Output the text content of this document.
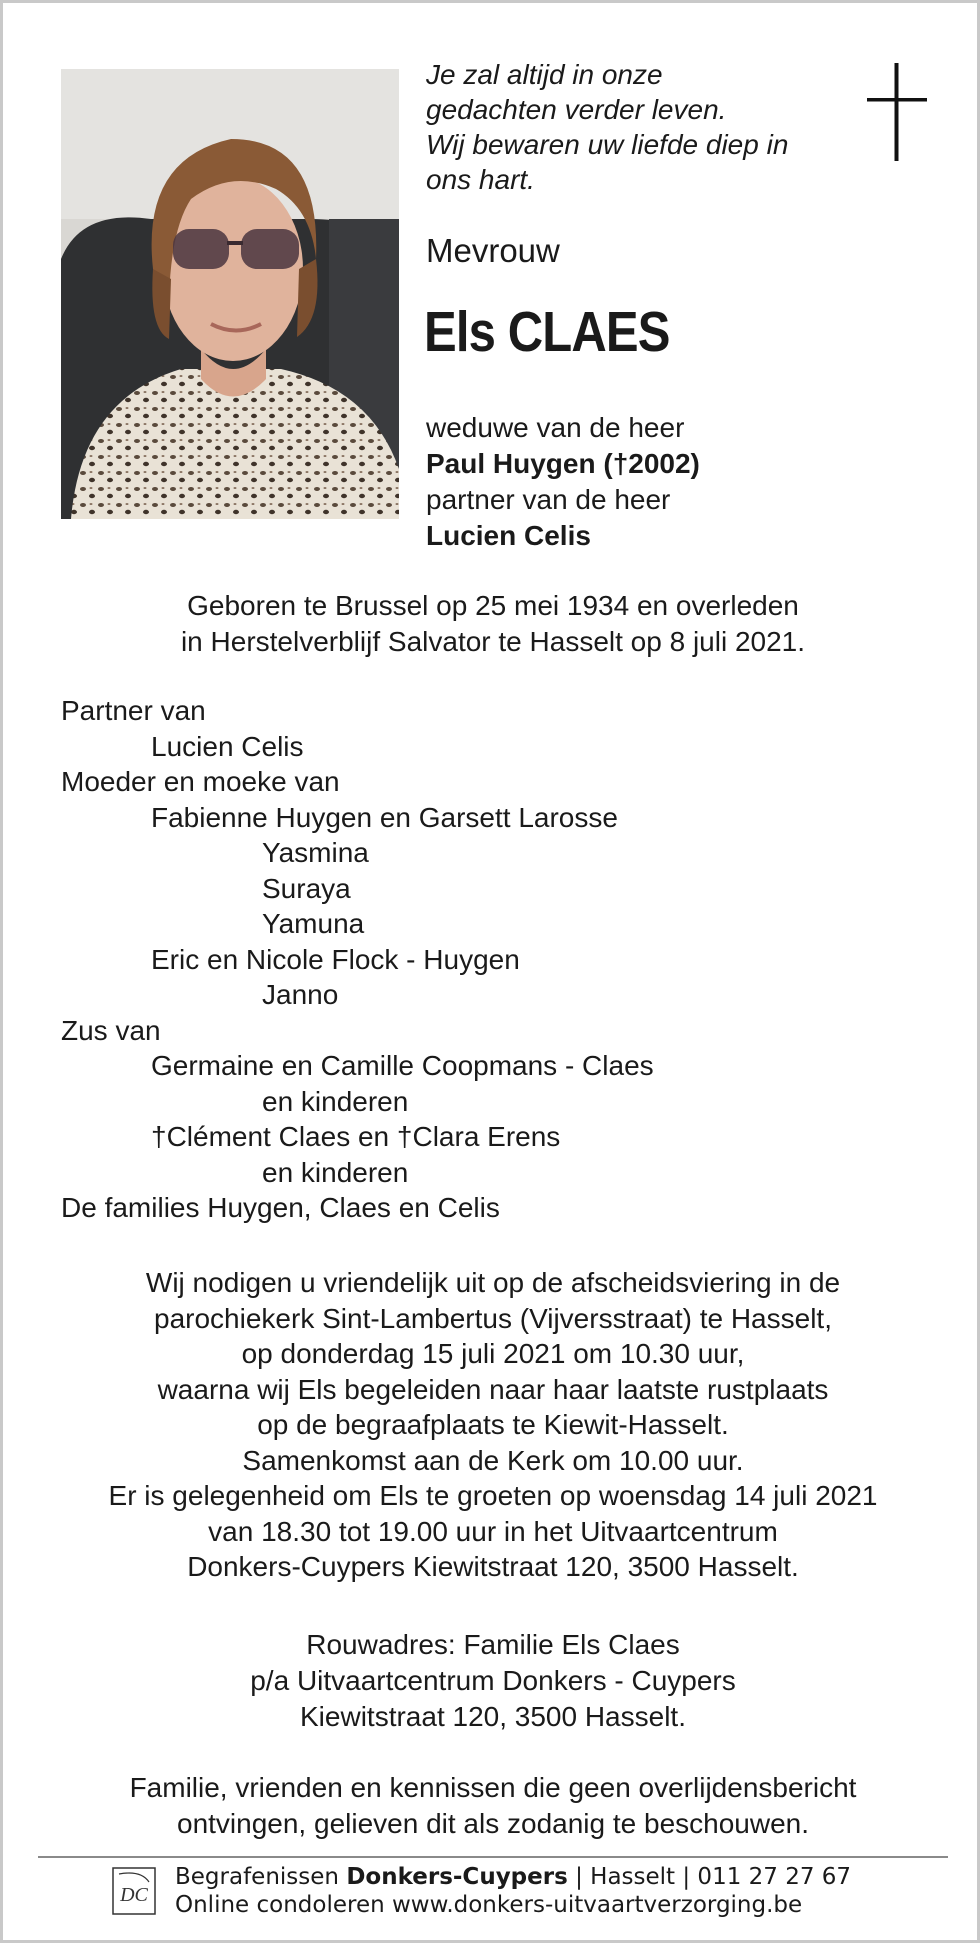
Je zal altijd in onze
gedachten verder leven.
Wij bewaren uw liefde diep in
ons hart.
Mevrouw
Els CLAES
weduwe van de heer
Paul Huygen (†2002)
partner van de heer
Lucien Celis
Geboren te Brussel op 25 mei 1934 en overleden
in Herstelverblijf Salvator te Hasselt op 8 juli 2021.
Partner van
Lucien Celis
Moeder en moeke van
Fabienne Huygen en Garsett Larosse
Yasmina
Suraya
Yamuna
Eric en Nicole Flock - Huygen
Janno
Zus van
Germaine en Camille Coopmans - Claes
en kinderen
†Clément Claes en †Clara Erens
en kinderen
De families Huygen, Claes en Celis
Wij nodigen u vriendelijk uit op de afscheidsviering in de
parochiekerk Sint-Lambertus (Vijversstraat) te Hasselt,
op donderdag 15 juli 2021 om 10.30 uur,
waarna wij Els begeleiden naar haar laatste rustplaats
op de begraafplaats te Kiewit-Hasselt.
Samenkomst aan de Kerk om 10.00 uur.
Er is gelegenheid om Els te groeten op woensdag 14 juli 2021
van 18.30 tot 19.00 uur in het Uitvaartcentrum
Donkers-Cuypers Kiewitstraat 120, 3500 Hasselt.
Rouwadres: Familie Els Claes
p/a Uitvaartcentrum Donkers - Cuypers
Kiewitstraat 120, 3500 Hasselt.
Familie, vrienden en kennissen die geen overlijdensbericht
ontvingen, gelieven dit als zodanig te beschouwen.
DC
Begrafenissen Donkers-Cuypers | Hasselt | 011 27 27 67
Online condoleren www.donkers-uitvaartverzorging.be
